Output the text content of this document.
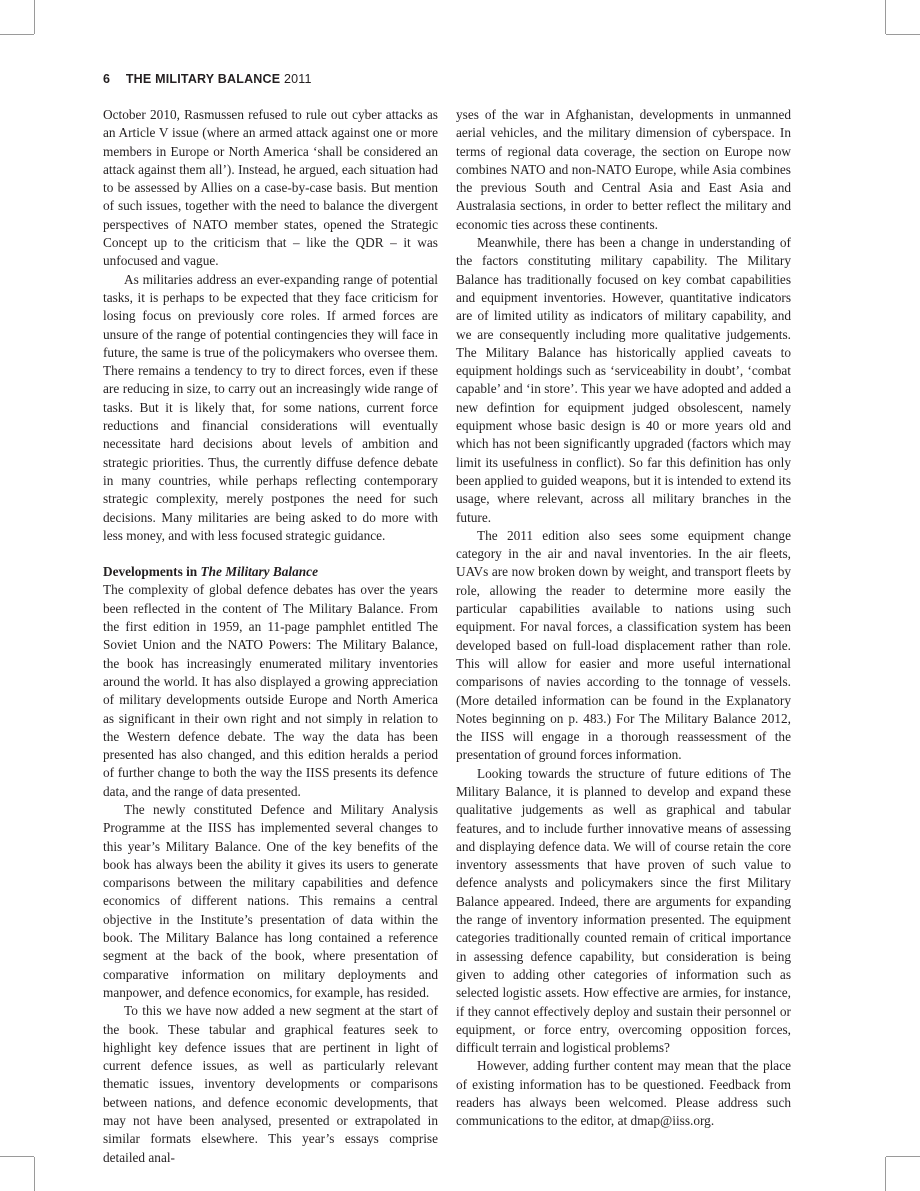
6 THE MILITARY BALANCE 2011

October 2010, Rasmussen refused to rule out cyber attacks as an Article V issue (where an armed attack against one or more members in Europe or North America ‘shall be considered an attack against them all’). Instead, he argued, each situation had to be assessed by Allies on a case-by-case basis. But mention of such issues, together with the need to balance the divergent perspectives of NATO member states, opened the Strategic Concept up to the criticism that – like the QDR – it was unfocused and vague.

As militaries address an ever-expanding range of potential tasks, it is perhaps to be expected that they face criticism for losing focus on previously core roles. If armed forces are unsure of the range of potential contingencies they will face in future, the same is true of the policymakers who oversee them. There remains a tendency to try to direct forces, even if these are reducing in size, to carry out an increasingly wide range of tasks. But it is likely that, for some nations, current force reductions and financial considerations will eventually necessitate hard decisions about levels of ambition and strategic priorities. Thus, the currently diffuse defence debate in many countries, while perhaps reflecting contemporary strategic complexity, merely postpones the need for such decisions. Many militaries are being asked to do more with less money, and with less focused strategic guidance.

Developments in The Military Balance

The complexity of global defence debates has over the years been reflected in the content of The Military Balance. From the first edition in 1959, an 11-page pamphlet entitled The Soviet Union and the NATO Powers: The Military Balance, the book has increasingly enumerated military inventories around the world. It has also displayed a growing appreciation of military developments outside Europe and North America as significant in their own right and not simply in relation to the Western defence debate. The way the data has been presented has also changed, and this edition heralds a period of further change to both the way the IISS presents its defence data, and the range of data presented.

The newly constituted Defence and Military Analysis Programme at the IISS has implemented several changes to this year’s Military Balance. One of the key benefits of the book has always been the ability it gives its users to generate comparisons between the military capabilities and defence economics of different nations. This remains a central objective in the Institute’s presentation of data within the book. The Military Balance has long contained a reference segment at the back of the book, where presentation of comparative information on military deployments and manpower, and defence economics, for example, has resided.

To this we have now added a new segment at the start of the book. These tabular and graphical features seek to highlight key defence issues that are pertinent in light of current defence issues, as well as particularly relevant thematic issues, inventory developments or comparisons between nations, and defence economic developments, that may not have been analysed, presented or extrapolated in similar formats elsewhere. This year’s essays comprise detailed anal-

yses of the war in Afghanistan, developments in unmanned aerial vehicles, and the military dimension of cyberspace. In terms of regional data coverage, the section on Europe now combines NATO and non-NATO Europe, while Asia combines the previous South and Central Asia and East Asia and Australasia sections, in order to better reflect the military and economic ties across these continents.

Meanwhile, there has been a change in understanding of the factors constituting military capability. The Military Balance has traditionally focused on key combat capabilities and equipment inventories. However, quantitative indicators are of limited utility as indicators of military capability, and we are consequently including more qualitative judgements. The Military Balance has historically applied caveats to equipment holdings such as ‘serviceability in doubt’, ‘combat capable’ and ‘in store’. This year we have adopted and added a new defintion for equipment judged obsolescent, namely equipment whose basic design is 40 or more years old and which has not been significantly upgraded (factors which may limit its usefulness in conflict). So far this definition has only been applied to guided weapons, but it is intended to extend its usage, where relevant, across all military branches in the future.

The 2011 edition also sees some equipment change category in the air and naval inventories. In the air fleets, UAVs are now broken down by weight, and transport fleets by role, allowing the reader to determine more easily the particular capabilities available to nations using such equipment. For naval forces, a classification system has been developed based on full-load displacement rather than role. This will allow for easier and more useful international comparisons of navies according to the tonnage of vessels. (More detailed information can be found in the Explanatory Notes beginning on p. 483.) For The Military Balance 2012, the IISS will engage in a thorough reassessment of the presentation of ground forces information.

Looking towards the structure of future editions of The Military Balance, it is planned to develop and expand these qualitative judgements as well as graphical and tabular features, and to include further innovative means of assessing and displaying defence data. We will of course retain the core inventory assessments that have proven of such value to defence analysts and policymakers since the first Military Balance appeared. Indeed, there are arguments for expanding the range of inventory information presented. The equipment categories traditionally counted remain of critical importance in assessing defence capability, but consideration is being given to adding other categories of information such as selected logistic assets. How effective are armies, for instance, if they cannot effectively deploy and sustain their personnel or equipment, or force entry, overcoming opposition forces, difficult terrain and logistical problems?

However, adding further content may mean that the place of existing information has to be questioned. Feedback from readers has always been welcomed. Please address such communications to the editor, at dmap@iiss.org.
